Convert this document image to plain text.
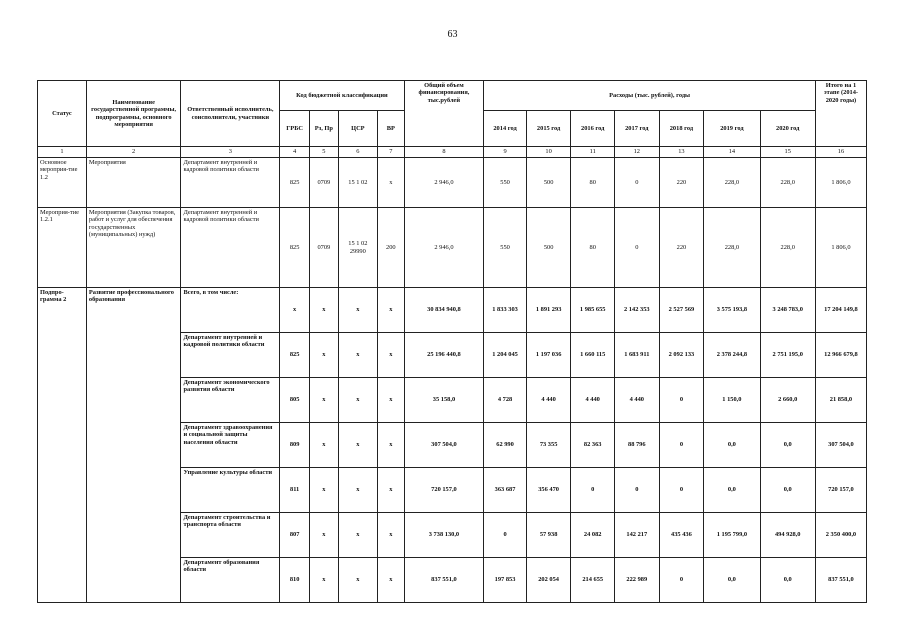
63
Статус	Наименование государственной программы, подпрограммы, основного мероприятия	Ответственный исполнитель, соисполнители, участники	Код бюджетной классификации				Общий объем финансирования, тыс.рублей	Расходы (тыс. рублей), годы							Итого на 1 этапе (2014-2020 годы)
			ГРБС	Рз, Пр	ЦСР	ВР		2014 год	2015 год	2016 год	2017 год	2018 год	2019 год	2020 год	
1	2	3	4	5	6	7	8	9	10	11	12	13	14	15	16
Основное мероприя-тие 1.2	Мероприятия	Департамент внутренней и кадровой политики области	825	0709	15 1 02	х	2 946,0	550	500	80	0	220	228,0	228,0	1 806,0
Мероприя-тие 1.2.1	Мероприятия (Закупка товаров, работ и услуг для обеспечения государственных (муниципальных) нужд)	Департамент внутренней и кадровой политики области	825	0709	15 1 02 29990	200	2 946,0	550	500	80	0	220	228,0	228,0	1 806,0
Подпро-грамма 2	Развитие профессионального образования	Всего, в том числе:	х	х	х	х	30 834 940,8	1 833 303	1 891 293	1 985 655	2 142 353	2 527 569	3 575 193,8	3 248 783,0	17 204 149,8
		Департамент внутренней и кадровой политики области	825	х	х	х	25 196 440,8	1 204 045	1 197 036	1 660 115	1 683 911	2 092 133	2 378 244,8	2 751 195,0	12 966 679,8
		Департамент экономического развития области	805	х	х	х	35 158,0	4 728	4 440	4 440	4 440	0	1 150,0	2 660,0	21 858,0
		Департамент здравоохранения и социальной защиты населения области	809	х	х	х	307 504,0	62 990	73 355	82 363	88 796	0	0,0	0,0	307 504,0
		Управление культуры области	811	х	х	х	720 157,0	363 687	356 470	0	0	0	0,0	0,0	720 157,0
		Департамент строительства и транспорта области	807	х	х	х	3 738 130,0	0	57 938	24 082	142 217	435 436	1 195 799,0	494 928,0	2 350 400,0
		Департамент образования области	810	х	х	х	837 551,0	197 853	202 054	214 655	222 989	0	0,0	0,0	837 551,0
